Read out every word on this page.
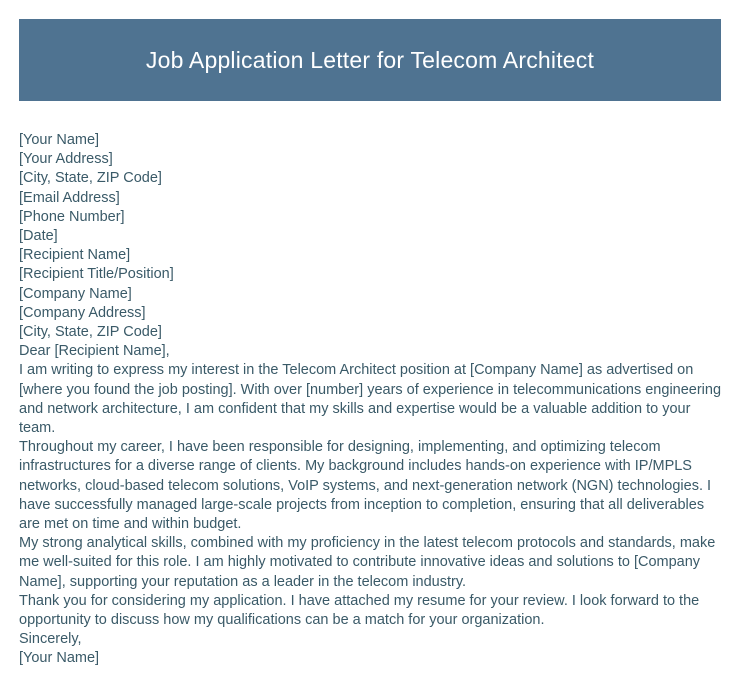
Job Application Letter for Telecom Architect
[Your Name]
[Your Address]
[City, State, ZIP Code]
[Email Address]
[Phone Number]
[Date]
[Recipient Name]
[Recipient Title/Position]
[Company Name]
[Company Address]
[City, State, ZIP Code]
Dear [Recipient Name],

I am writing to express my interest in the Telecom Architect position at [Company Name] as advertised on [where you found the job posting]. With over [number] years of experience in telecommunications engineering and network architecture, I am confident that my skills and expertise would be a valuable addition to your team.

Throughout my career, I have been responsible for designing, implementing, and optimizing telecom infrastructures for a diverse range of clients. My background includes hands-on experience with IP/MPLS networks, cloud-based telecom solutions, VoIP systems, and next-generation network (NGN) technologies. I have successfully managed large-scale projects from inception to completion, ensuring that all deliverables are met on time and within budget.

My strong analytical skills, combined with my proficiency in the latest telecom protocols and standards, make me well-suited for this role. I am highly motivated to contribute innovative ideas and solutions to [Company Name], supporting your reputation as a leader in the telecom industry.

Thank you for considering my application. I have attached my resume for your review. I look forward to the opportunity to discuss how my qualifications can be a match for your organization.

Sincerely,
[Your Name]
